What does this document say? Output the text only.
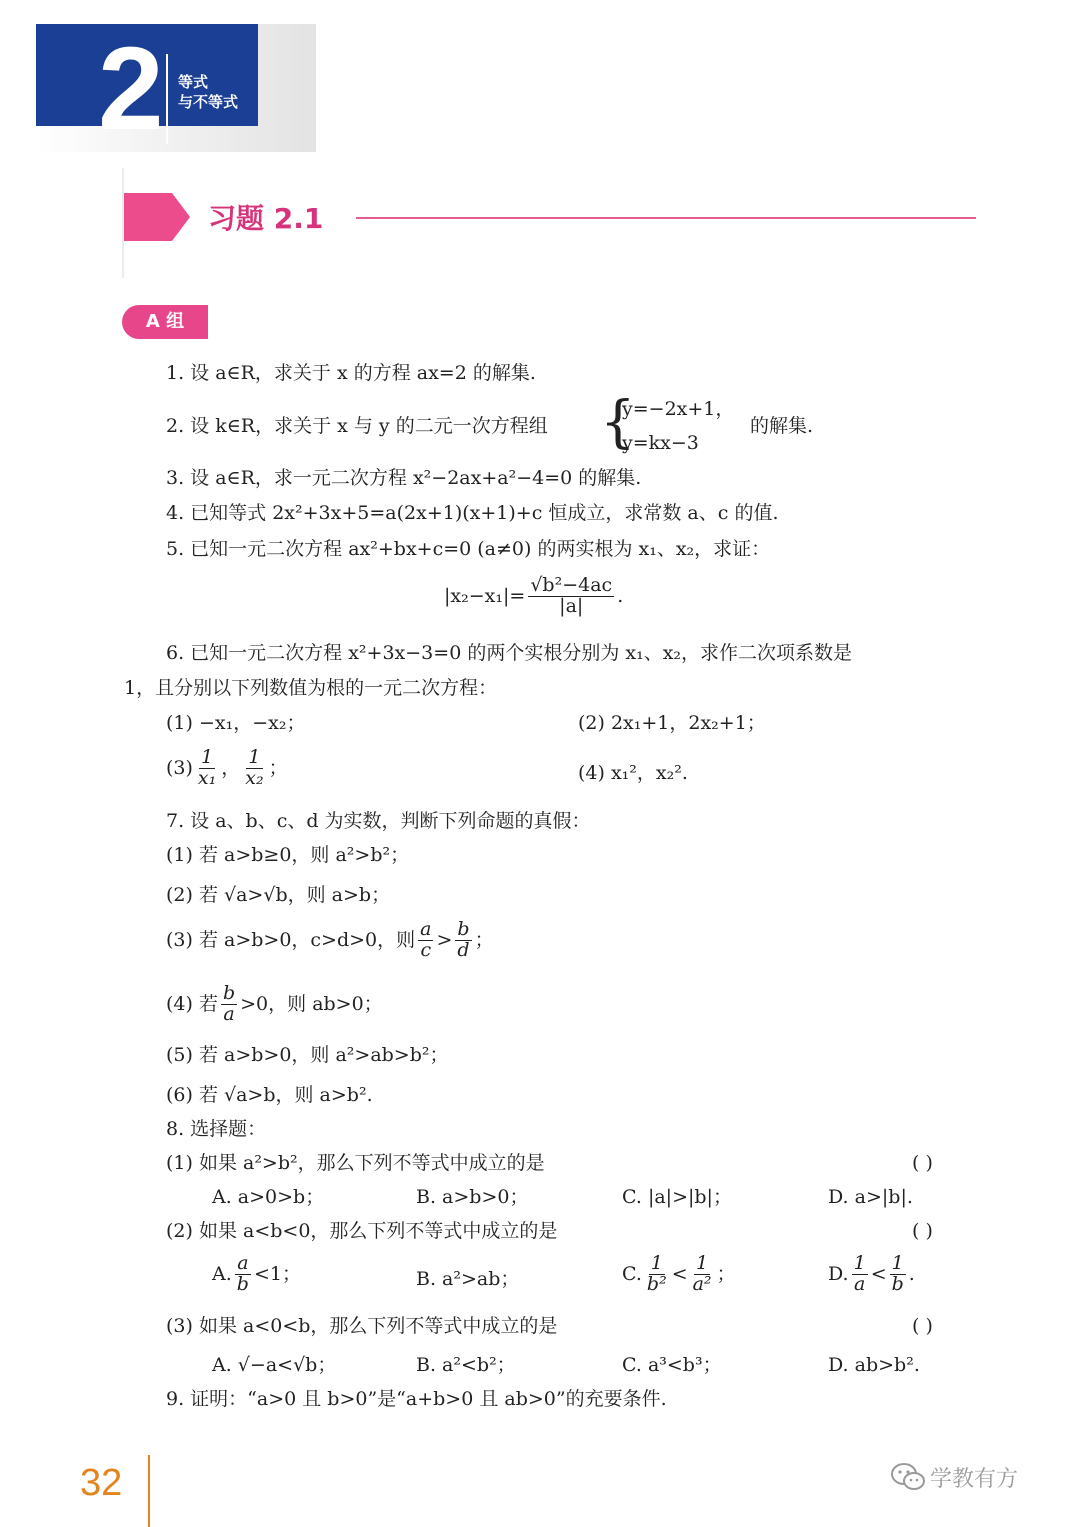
2 等式
与不等式
习题 2.1
A 组
1. 设 a∈R，求关于 x 的方程 ax=2 的解集.
2. 设 k∈R，求关于 x 与 y 的二元一次方程组 {
y=−2x+1，
y=kx−3
的解集.
3. 设 a∈R，求一元二次方程 x²−2ax+a²−4=0 的解集.
4. 已知等式 2x²+3x+5=a(2x+1)(x+1)+c 恒成立，求常数 a、c 的值.
5. 已知一元二次方程 ax²+bx+c=0 (a≠0) 的两实根为 x₁、x₂，求证：
$|x_2-x_1|= \frac{\text{√b²−4ac}}{|a|}$ .
6. 已知一元二次方程 x²+3x−3=0 的两个实根分别为 x₁、x₂，求作二次项系数是
1，且分别以下列数值为根的一元二次方程：
(1) −x₁，−x₂；	(2) 2x₁+1，2x₂+1；
$(3) \frac{1}{\text{x₁}}$ ， $\frac{1}{\text{x₂}}$ ；	(4) x₁²，x₂².
7. 设 a、b、c、d 为实数，判断下列命题的真假：
(1) 若 a>b≥0，则 a²>b²；
(2) 若 √a>√b，则 a>b；
(3) 若 a>b>0，c>d>0，则 $\frac{a}{c} > \frac{b}{d}$ ；
(4) 若 $\frac{b}{a} >0$，则 ab>0；
(5) 若 a>b>0，则 a²>ab>b²；
(6) 若 √a>b，则 a>b².
8. 选择题：
(1) 如果 a²>b²，那么下列不等式中成立的是	( )
A. a>0>b；	B. a>b>0；	C. |a|>|b|；	D. a>|b|.
(2) 如果 a<b<0，那么下列不等式中成立的是	( )
A. $\frac{a}{b} <1$；	B. a²>ab；	C. $\frac{1}{\text{b²}} < \frac{1}{\text{a²}}$ ；	D. $\frac{1}{a} < \frac{1}{b}$ .
(3) 如果 a<0<b，那么下列不等式中成立的是	( )
A. √−a<√b；	B. a²<b²；	C. a³<b³；	D. ab>b².
9. 证明：“a>0 且 b>0”是“a+b>0 且 ab>0”的充要条件.
32	学教有方
